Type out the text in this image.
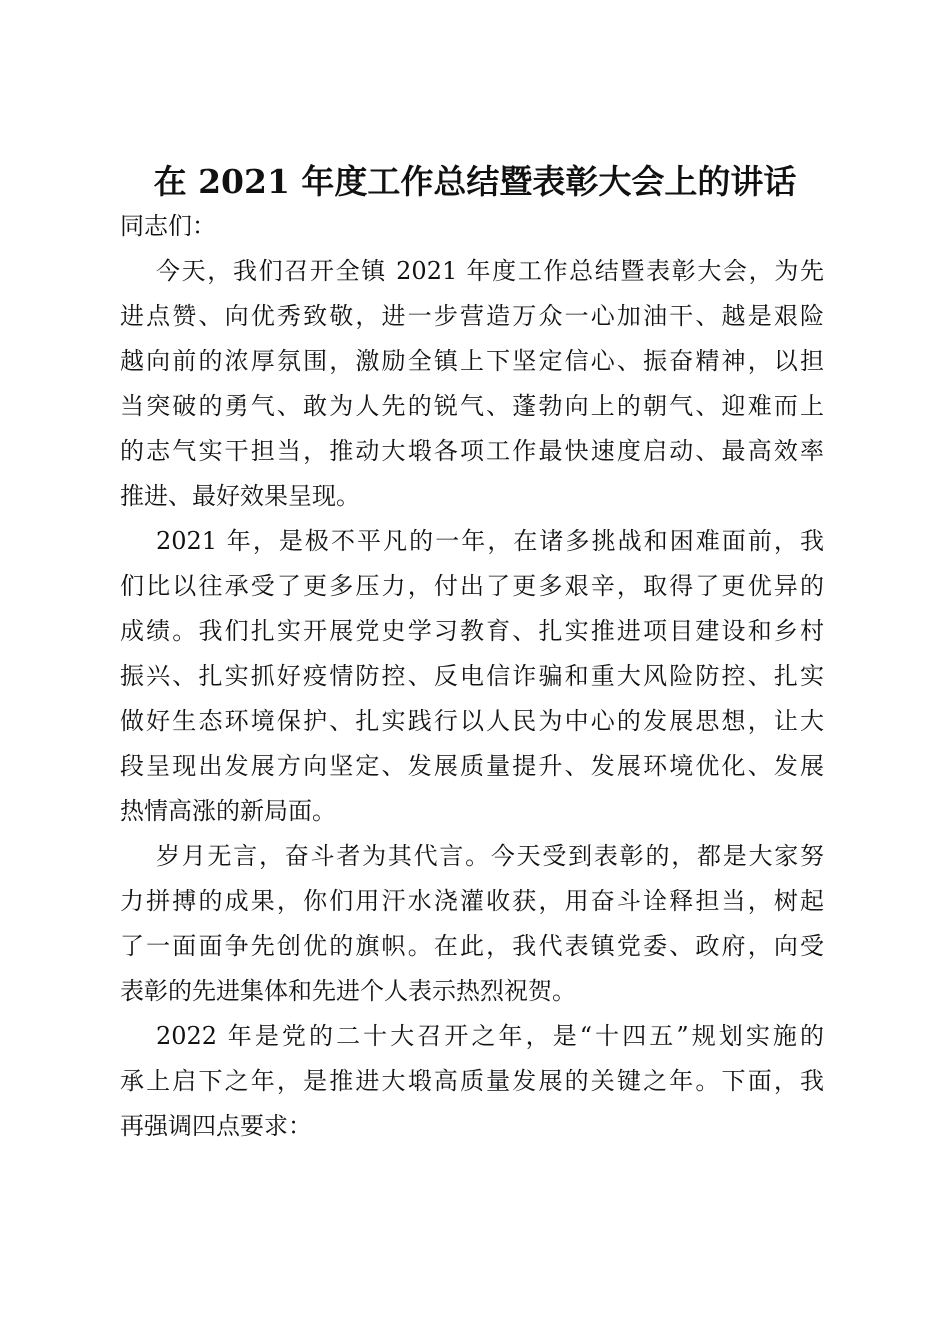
在 2021 年度工作总结暨表彰大会上的讲话

同志们：

今天，我们召开全镇 2021 年度工作总结暨表彰大会，为先
进点赞、向优秀致敬，进一步营造万众一心加油干、越是艰险
越向前的浓厚氛围，激励全镇上下坚定信心、振奋精神，以担
当突破的勇气、敢为人先的锐气、蓬勃向上的朝气、迎难而上
的志气实干担当，推动大塅各项工作最快速度启动、最高效率
推进、最好效果呈现。

2021 年，是极不平凡的一年，在诸多挑战和困难面前，我
们比以往承受了更多压力，付出了更多艰辛，取得了更优异的
成绩。我们扎实开展党史学习教育、扎实推进项目建设和乡村
振兴、扎实抓好疫情防控、反电信诈骗和重大风险防控、扎实
做好生态环境保护、扎实践行以人民为中心的发展思想，让大
段呈现出发展方向坚定、发展质量提升、发展环境优化、发展
热情高涨的新局面。

岁月无言，奋斗者为其代言。今天受到表彰的，都是大家努
力拼搏的成果，你们用汗水浇灌收获，用奋斗诠释担当，树起
了一面面争先创优的旗帜。在此，我代表镇党委、政府，向受
表彰的先进集体和先进个人表示热烈祝贺。

2022 年是党的二十大召开之年，是“十四五”规划实施的
承上启下之年，是推进大塅高质量发展的关键之年。下面，我
再强调四点要求：
